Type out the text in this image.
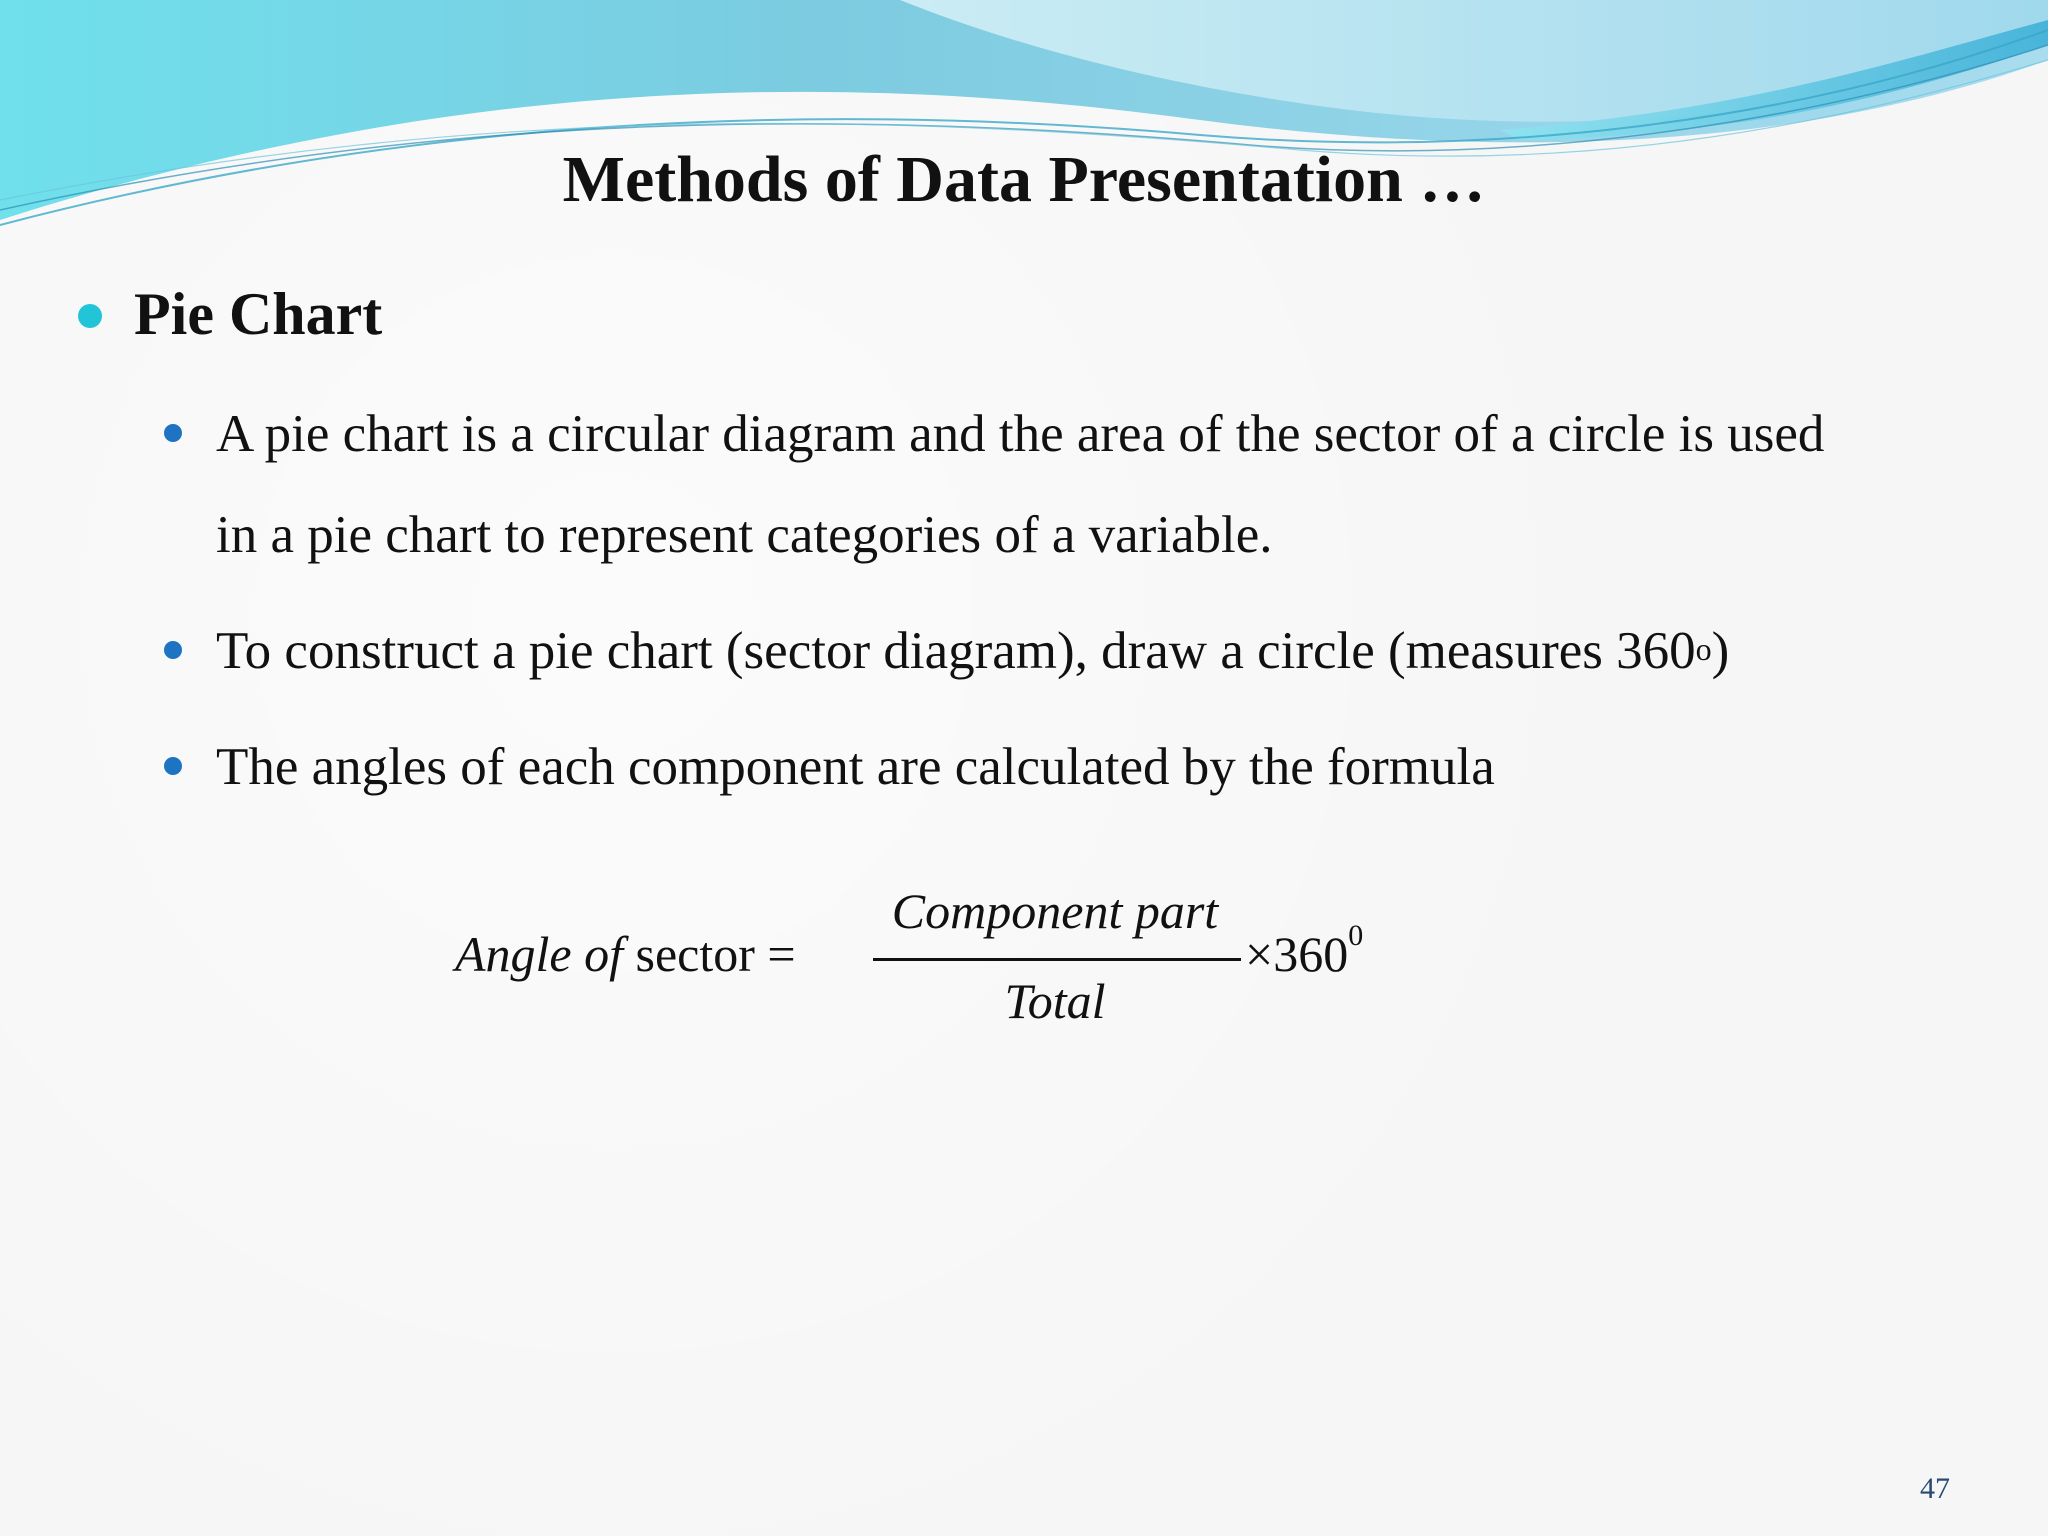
Methods of Data Presentation …
Pie Chart
A pie chart is a circular diagram and the area of the sector of a circle is used
in a pie chart to represent categories of a variable.
To construct a pie chart (sector diagram), draw a circle (measures 360$^o$)
The angles of each component are calculated by the formula
Angle of sector =
Component part
Total
$\times 360^0$
47
